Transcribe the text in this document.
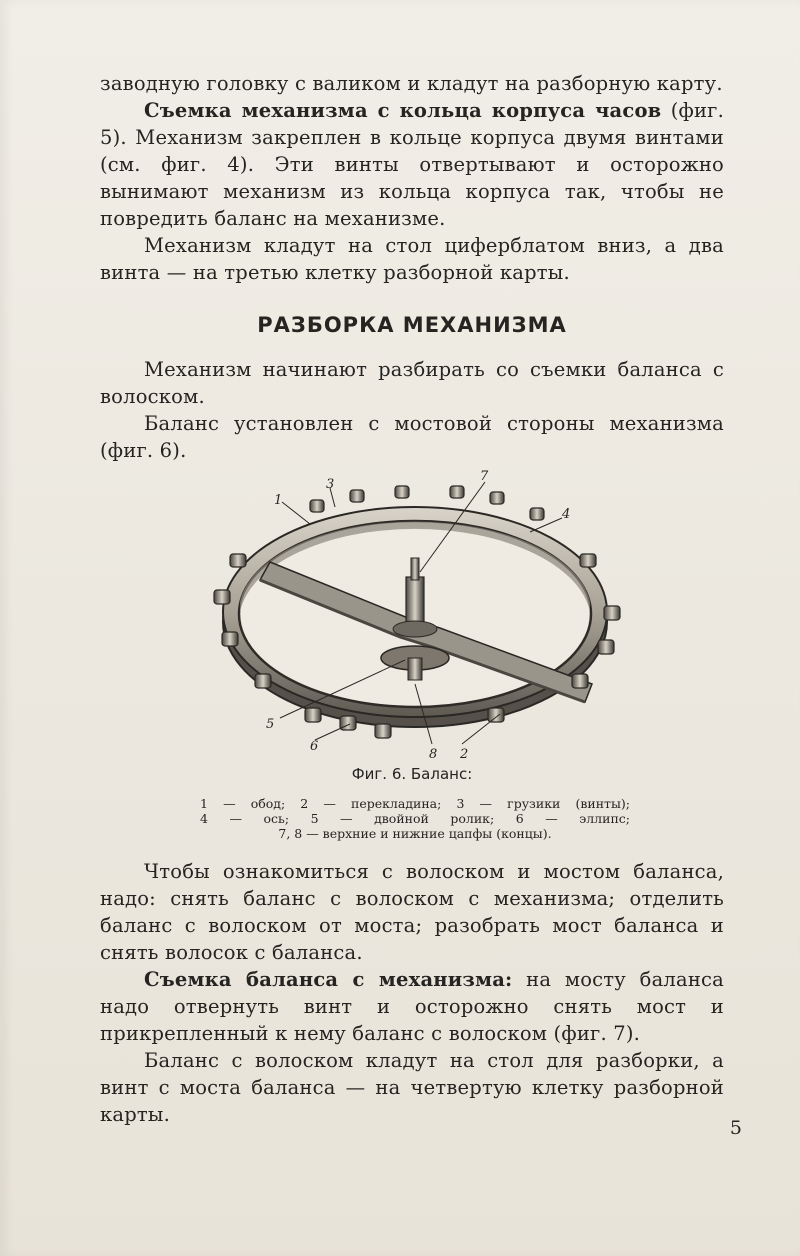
заводную головку с валиком и кладут на разборную карту.

Съемка механизма с кольца корпуса часов (фиг. 5). Механизм закреплен в кольце корпуса двумя винтами (см. фиг. 4). Эти винты отвертывают и осторожно вынимают механизм из кольца корпуса так, чтобы не повредить баланс на механизме.

Механизм кладут на стол циферблатом вниз, а два винта — на третью клетку разборной карты.

РАЗБОРКА МЕХАНИЗМА

Механизм начинают разбирать со съемки баланса с волоском.

Баланс установлен с мостовой стороны механизма (фиг. 6).

1
3
7
4
5
6
8 2
Фиг. 6. Баланс:
1 — обод; 2 — перекладина; 3 — грузики (винты);
4 — ось; 5 — двойной ролик; 6 — эллипс;
7, 8 — верхние и нижние цапфы (концы).

Чтобы ознакомиться с волоском и мостом баланса, надо: снять баланс с волоском с механизма; отделить баланс с волоском от моста; разобрать мост баланса и снять волосок с баланса.

Съемка баланса с механизма: на мосту баланса надо отвернуть винт и осторожно снять мост и прикрепленный к нему баланс с волоском (фиг. 7).

Баланс с волоском кладут на стол для разборки, а винт с моста баланса — на четвертую клетку разборной карты.

5
